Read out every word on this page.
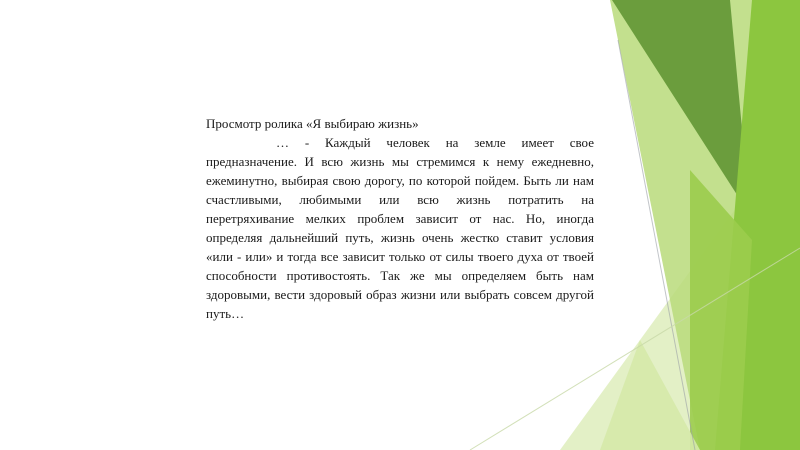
Просмотр ролика «Я выбираю жизнь»

… - Каждый человек на земле имеет свое предназначение. И всю жизнь мы стремимся к нему ежедневно, ежеминутно, выбирая свою дорогу, по которой пойдем. Быть ли нам счастливыми, любимыми или всю жизнь потратить на перетряхивание мелких проблем зависит от нас. Но, иногда определяя дальнейший путь, жизнь очень жестко ставит условия «или - или» и тогда все зависит только от силы твоего духа от твоей способности противостоять. Так же мы определяем быть нам здоровыми, вести здоровый образ жизни или выбрать совсем другой путь…
